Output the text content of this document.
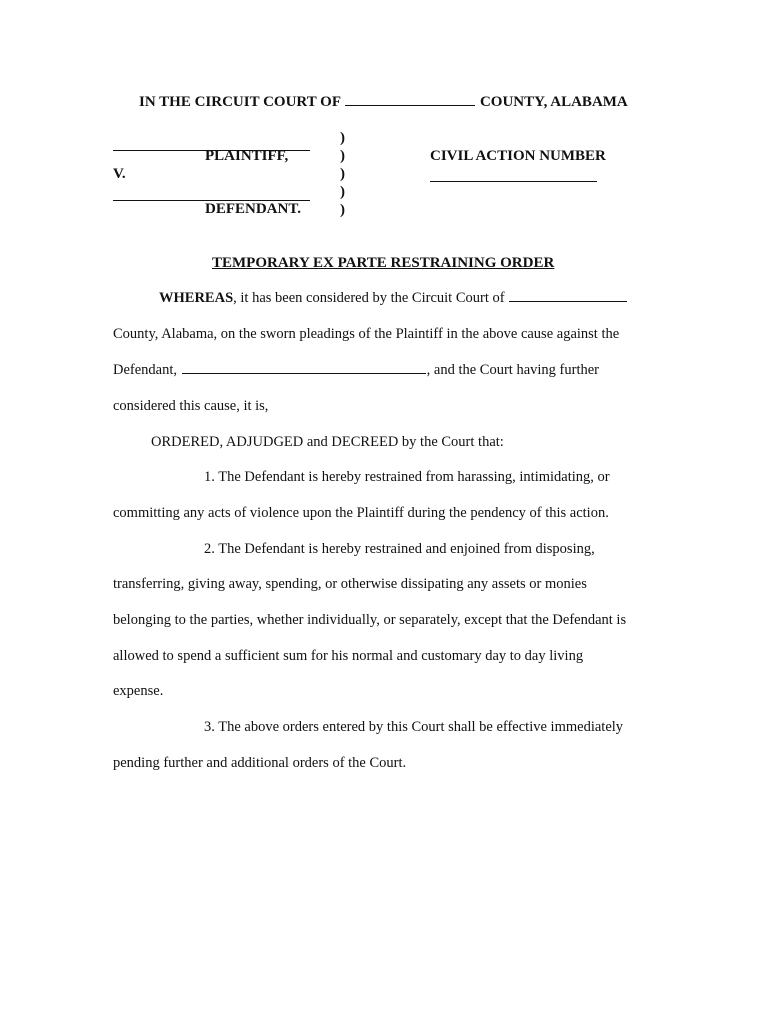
IN THE CIRCUIT COURT OF	COUNTY, ALABAMA
PLAINTIFF,
V.
DEFENDANT.
)
)
)
)
)
CIVIL ACTION NUMBER
TEMPORARY EX PARTE RESTRAINING ORDER
WHEREAS, it has been considered by the Circuit Court of
County, Alabama, on the sworn pleadings of the Plaintiff in the above cause against the
Defendant,	, and the Court having further
considered this cause, it is,
ORDERED, ADJUDGED and DECREED by the Court that:
1. The Defendant is hereby restrained from harassing, intimidating, or
committing any acts of violence upon the Plaintiff during the pendency of this action.
2. The Defendant is hereby restrained and enjoined from disposing,
transferring, giving away, spending, or otherwise dissipating any assets or monies
belonging to the parties, whether individually, or separately, except that the Defendant is
allowed to spend a sufficient sum for his normal and customary day to day living
expense.
3. The above orders entered by this Court shall be effective immediately
pending further and additional orders of the Court.
